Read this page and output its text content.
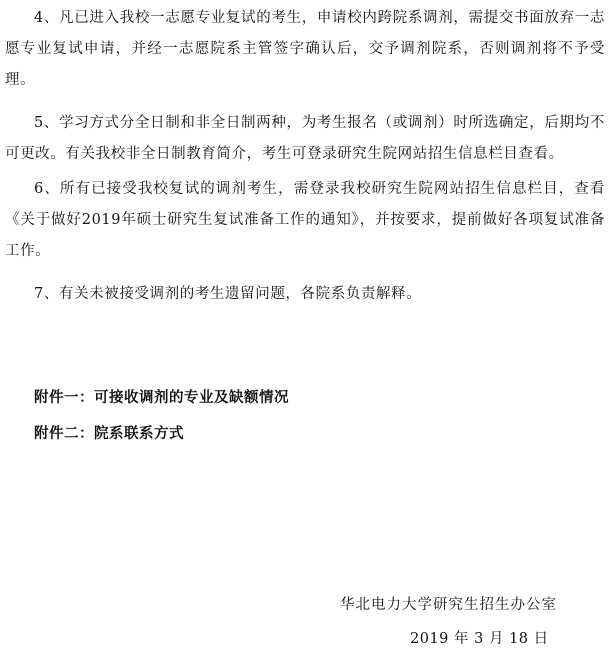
4、凡已进入我校一志愿专业复试的考生，申请校内跨院系调剂，需提交书面放弃一志愿专业复试申请，并经一志愿院系主管签字确认后，交予调剂院系，否则调剂将不予受理。

5、学习方式分全日制和非全日制两种，为考生报名（或调剂）时所选确定，后期均不可更改。有关我校非全日制教育简介，考生可登录研究生院网站招生信息栏目查看。

6、所有已接受我校复试的调剂考生，需登录我校研究生院网站招生信息栏目，查看《关于做好2019年硕士研究生复试准备工作的通知》，并按要求，提前做好各项复试准备工作。

7、有关未被接受调剂的考生遗留问题，各院系负责解释。

附件一：可接收调剂的专业及缺额情况

附件二：院系联系方式

华北电力大学研究生招生办公室

2019 年 3 月 18 日
